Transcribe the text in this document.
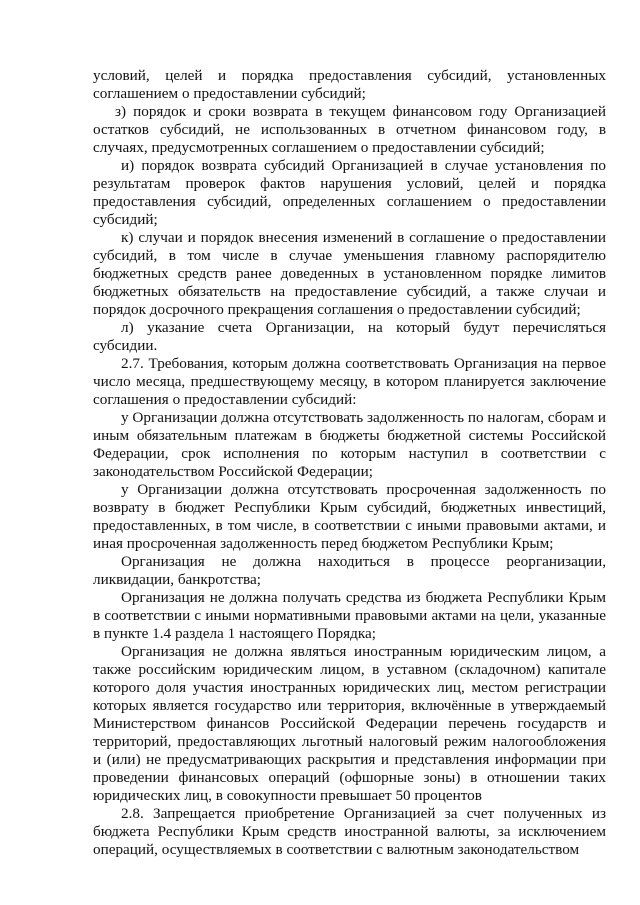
условий, целей и порядка предоставления субсидий, установленных соглашением о предоставлении субсидий;

з) порядок и сроки возврата в текущем финансовом году Организацией остатков субсидий, не использованных в отчетном финансовом году, в случаях, предусмотренных соглашением о предоставлении субсидий;

и) порядок возврата субсидий Организацией в случае установления по результатам проверок фактов нарушения условий, целей и порядка предоставления субсидий, определенных соглашением о предоставлении субсидий;

к) случаи и порядок внесения изменений в соглашение о предоставлении субсидий, в том числе в случае уменьшения главному распорядителю бюджетных средств ранее доведенных в установленном порядке лимитов бюджетных обязательств на предоставление субсидий, а также случаи и порядок досрочного прекращения соглашения о предоставлении субсидий;

л) указание счета Организации, на который будут перечисляться субсидии.

2.7. Требования, которым должна соответствовать Организация на первое число месяца, предшествующему месяцу, в котором планируется заключение соглашения о предоставлении субсидий:

у Организации должна отсутствовать задолженность по налогам, сборам и иным обязательным платежам в бюджеты бюджетной системы Российской Федерации, срок исполнения по которым наступил в соответствии с законодательством Российской Федерации;

у Организации должна отсутствовать просроченная задолженность по возврату в бюджет Республики Крым субсидий, бюджетных инвестиций, предоставленных, в том числе, в соответствии с иными правовыми актами, и иная просроченная задолженность перед бюджетом Республики Крым;

Организация не должна находиться в процессе реорганизации, ликвидации, банкротства;

Организация не должна получать средства из бюджета Республики Крым в соответствии с иными нормативными правовыми актами на цели, указанные в пункте 1.4 раздела 1 настоящего Порядка;

Организация не должна являться иностранным юридическим лицом, а также российским юридическим лицом, в уставном (складочном) капитале которого доля участия иностранных юридических лиц, местом регистрации которых является государство или территория, включённые в утверждаемый Министерством финансов Российской Федерации перечень государств и территорий, предоставляющих льготный налоговый режим налогообложения и (или) не предусматривающих раскрытия и представления информации при проведении финансовых операций (офшорные зоны) в отношении таких юридических лиц, в совокупности превышает 50 процентов

2.8. Запрещается приобретение Организацией за счет полученных из бюджета Республики Крым средств иностранной валюты, за исключением операций, осуществляемых в соответствии с валютным законодательством
